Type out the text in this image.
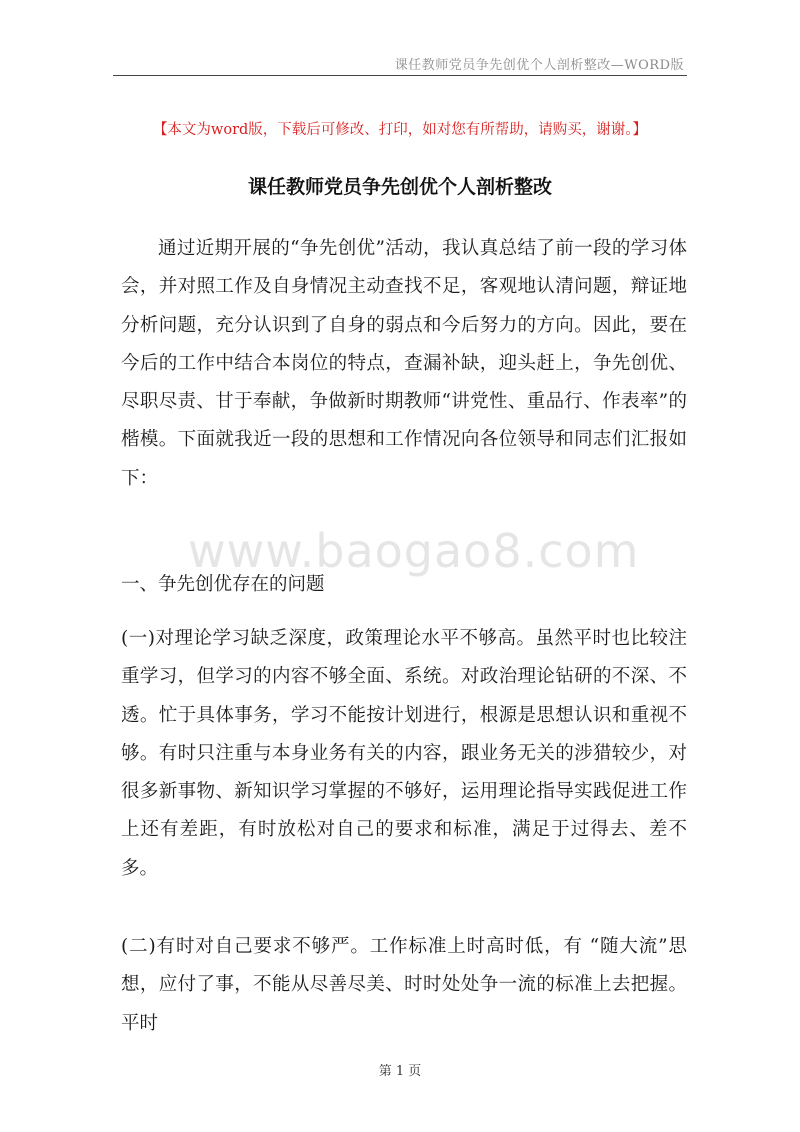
课任教师党员争先创优个人剖析整改—WORD版
【本文为word版，下载后可修改、打印，如对您有所帮助，请购买，谢谢。】
课任教师党员争先创优个人剖析整改
通过近期开展的“争先创优”活动，我认真总结了前一段的学习体会，并对照工作及自身情况主动查找不足，客观地认清问题，辩证地分析问题，充分认识到了自身的弱点和今后努力的方向。因此，要在今后的工作中结合本岗位的特点，查漏补缺，迎头赶上，争先创优、尽职尽责、甘于奉献，争做新时期教师“讲党性、重品行、作表率”的楷模。下面就我近一段的思想和工作情况向各位领导和同志们汇报如下：
www.baogao8.com
一、争先创优存在的问题
(一)对理论学习缺乏深度，政策理论水平不够高。虽然平时也比较注重学习，但学习的内容不够全面、系统。对政治理论钻研的不深、不透。忙于具体事务，学习不能按计划进行，根源是思想认识和重视不够。有时只注重与本身业务有关的内容，跟业务无关的涉猎较少，对很多新事物、新知识学习掌握的不够好，运用理论指导实践促进工作上还有差距，有时放松对自己的要求和标准，满足于过得去、差不多。
(二)有时对自己要求不够严。工作标准上时高时低，有 “随大流”思想，应付了事，不能从尽善尽美、时时处处争一流的标准上去把握。平时
第 1 页
